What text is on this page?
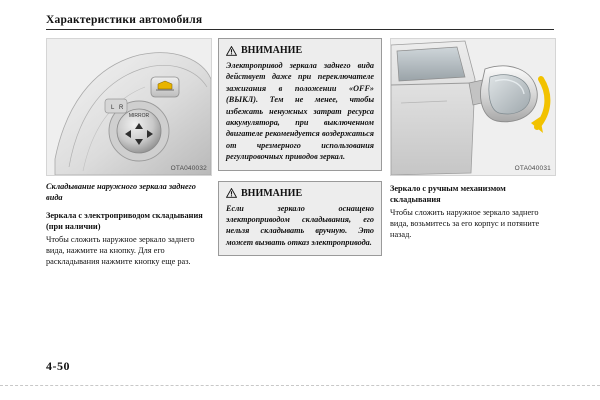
Характеристики автомобиля
MIRROR
L R
OTA040032
Складывание наружного зеркала заднего вида
Зеркала с электроприводом складывания (при наличии)
Чтобы сложить наружное зеркало заднего вида, нажмите на кнопку. Для его раскладывания нажмите кнопку еще раз.
ВНИМАНИЕ
Электропривод зеркала заднего вида действует даже при переключателе зажигания в положении «OFF» (ВЫКЛ). Тем не менее, чтобы избежать ненужных затрат ресурса аккумулятора, при выключенном двигателе рекомендуется воздержаться от чрезмерного использования регулировочных приводов зеркал.
ВНИМАНИЕ
Если зеркало оснащено электроприводом складывания, его нельзя складывать вручную. Это может вызвать отказ электропривода.
OTA040031
Зеркало с ручным механизмом складывания
Чтобы сложить наружное зеркало заднего вида, возьмитесь за его корпус и потяните назад.
4-50
